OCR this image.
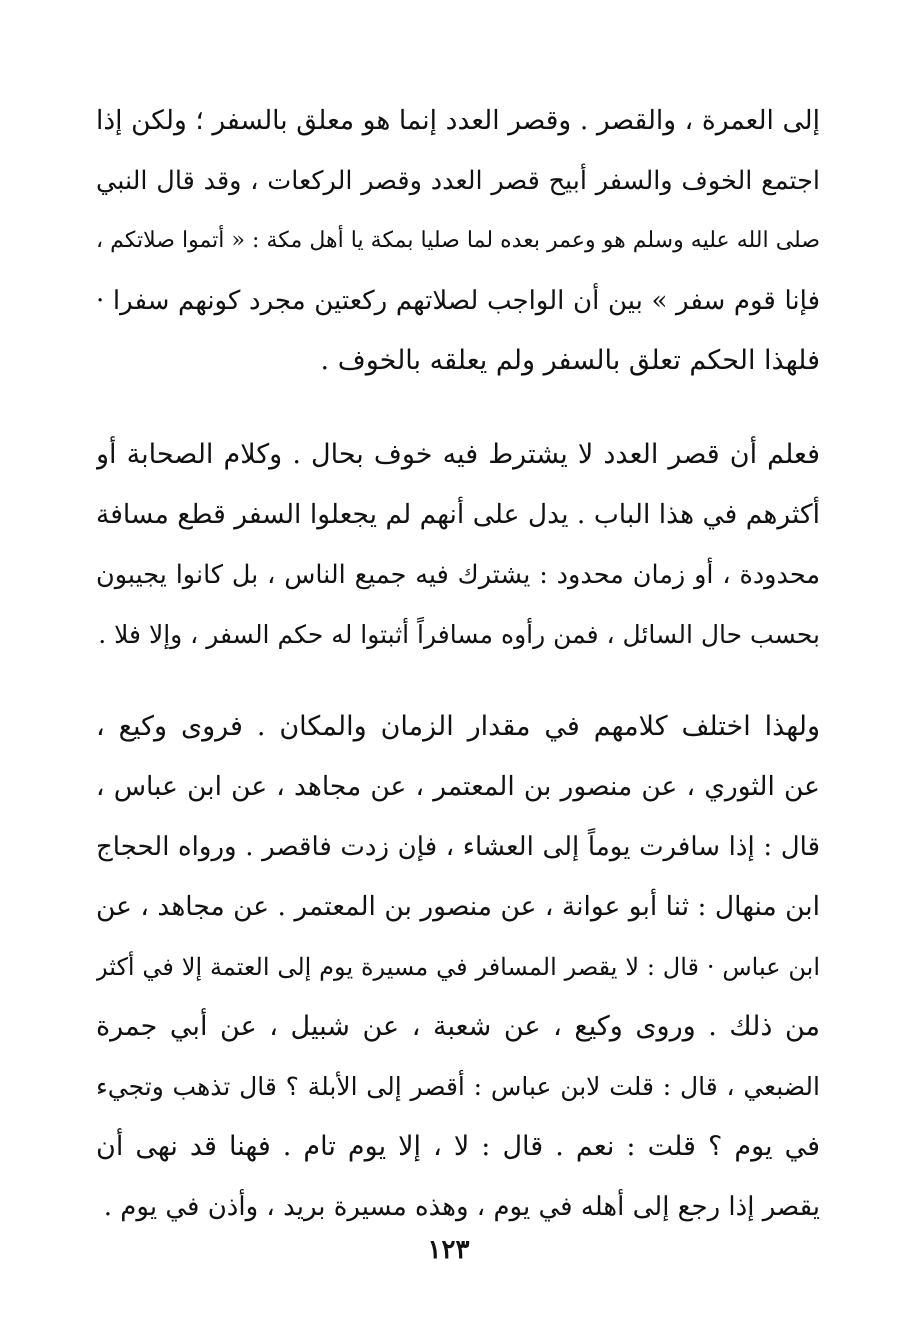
إلى العمرة ، والقصر . وقصر العدد إنما هو معلق بالسفر ؛ ولكن إذا
اجتمع الخوف والسفر أبيح قصر العدد وقصر الركعات ، وقد قال النبي
صلى الله عليه وسلم هو وعمر بعده لما صليا بمكة يا أهل مكة : « أتموا صلاتكم ،
فإنا قوم سفر » بين أن الواجب لصلاتهم ركعتين مجرد كونهم سفرا ·
فلهذا الحكم تعلق بالسفر ولم يعلقه بالخوف .
فعلم أن قصر العدد لا يشترط فيه خوف بحال . وكلام الصحابة أو
أكثرهم في هذا الباب . يدل على أنهم لم يجعلوا السفر قطع مسافة
محدودة ، أو زمان محدود : يشترك فيه جميع الناس ، بل كانوا يجيبون
بحسب حال السائل ، فمن رأوه مسافراً أثبتوا له حكم السفر ، وإلا فلا .
ولهذا اختلف كلامهم في مقدار الزمان والمكان . فروى وكيع ،
عن الثوري ، عن منصور بن المعتمر ، عن مجاهد ، عن ابن عباس ،
قال : إذا سافرت يوماً إلى العشاء ، فإن زدت فاقصر . ورواه الحجاج
ابن منهال : ثنا أبو عوانة ، عن منصور بن المعتمر . عن مجاهد ، عن
ابن عباس · قال : لا يقصر المسافر في مسيرة يوم إلى العتمة إلا في أكثر
من ذلك . وروى وكيع ، عن شعبة ، عن شبيل ، عن أبي جمرة
الضبعي ، قال : قلت لابن عباس : أقصر إلى الأبلة ؟ قال تذهب وتجيء
في يوم ؟ قلت : نعم . قال : لا ، إلا يوم تام . فهنا قد نهى أن
يقصر إذا رجع إلى أهله في يوم ، وهذه مسيرة بريد ، وأذن في يوم .
١٢٣
